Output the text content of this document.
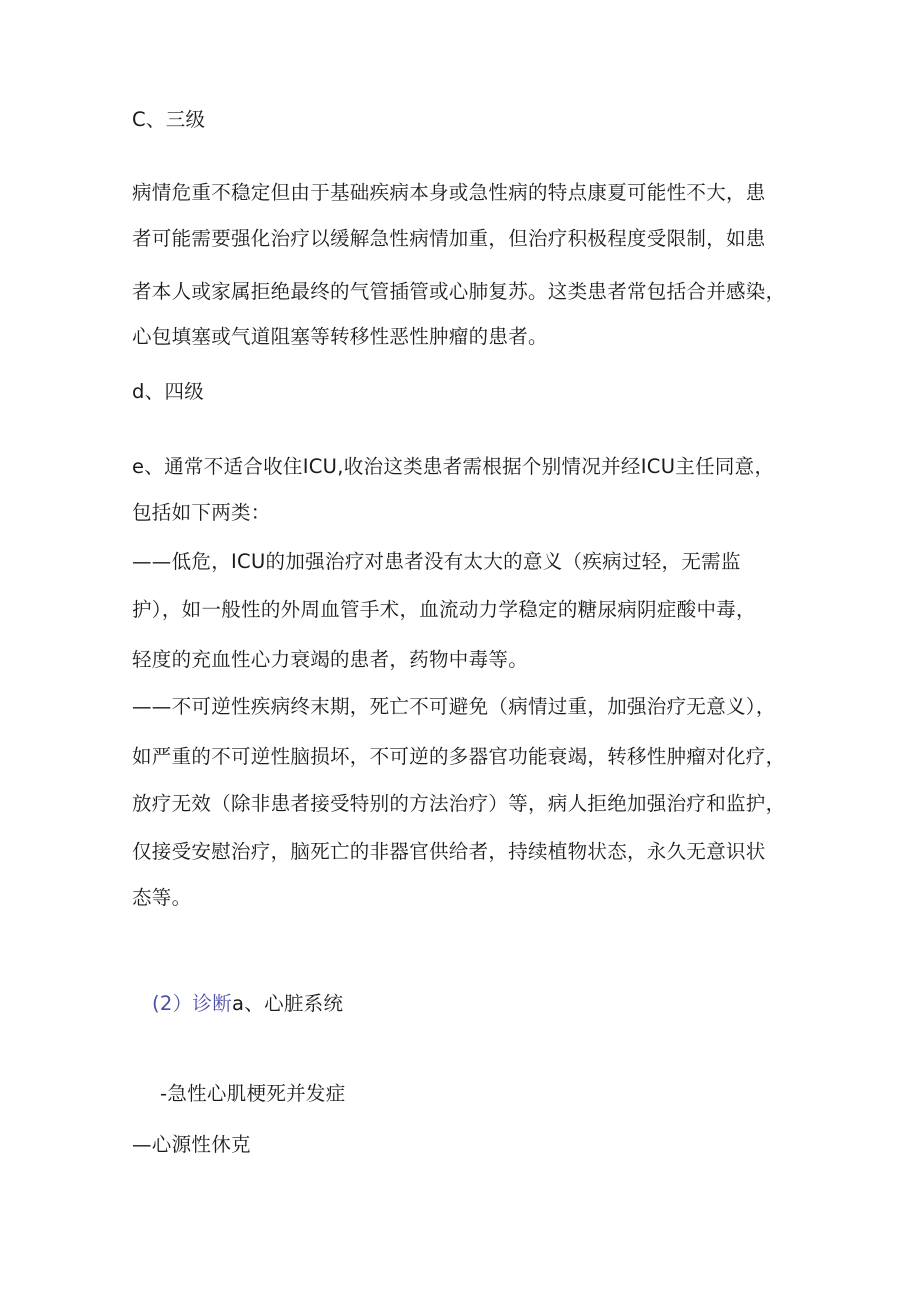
C、三级
病情危重不稳定但由于基础疾病本身或急性病的特点康夏可能性不大，患
者可能需要强化治疗以缓解急性病情加重，但治疗积极程度受限制，如患
者本人或家属拒绝最终的气管插管或心肺复苏。这类患者常包括合并感染，
心包填塞或气道阻塞等转移性恶性肿瘤的患者。
d、四级
e、通常不适合收住ICU,收治这类患者需根据个别情况并经ICU主任同意，
包括如下两类：
——低危，ICU的加强治疗对患者没有太大的意义（疾病过轻，无需监
护），如一般性的外周血管手术，血流动力学稳定的糖尿病阴症酸中毒，
轻度的充血性心力衰竭的患者，药物中毒等。
——不可逆性疾病终末期，死亡不可避免（病情过重，加强治疗无意义），
如严重的不可逆性脑损坏，不可逆的多器官功能衰竭，转移性肿瘤对化疗，
放疗无效（除非患者接受特别的方法治疗）等，病人拒绝加强治疗和监护，
仅接受安慰治疗，脑死亡的非器官供给者，持续植物状态，永久无意识状
态等。
(2）诊断a、心脏系统
-急性心肌梗死并发症
—心源性休克
